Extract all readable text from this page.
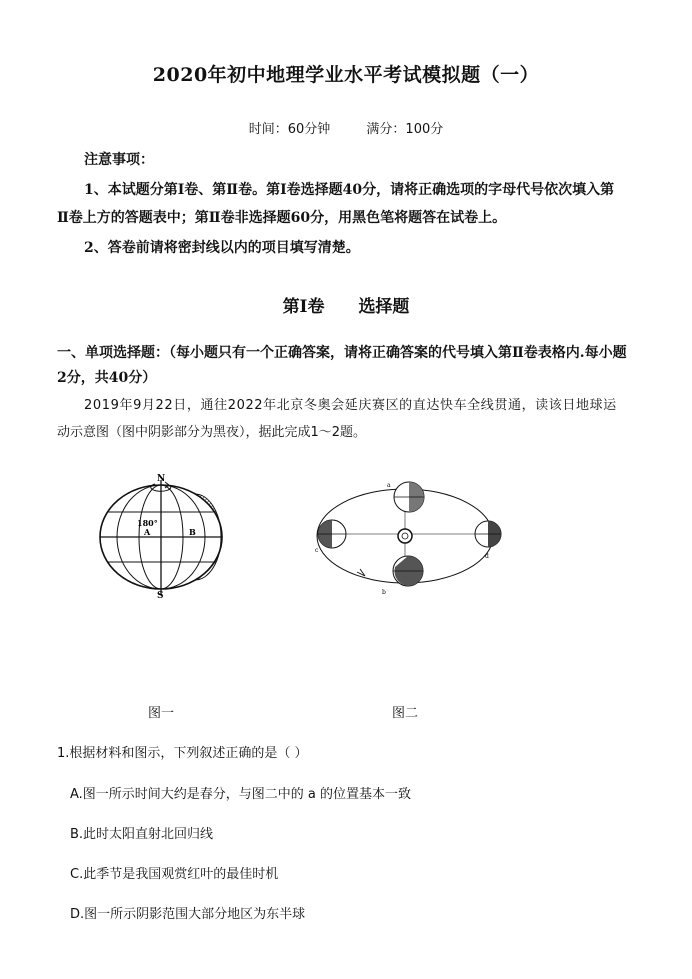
2020年初中地理学业水平考试模拟题（一）
时间：60分钟	满分：100分
注意事项：
1、本试题分第Ⅰ卷、第Ⅱ卷。第Ⅰ卷选择题40分，请将正确选项的字母代号依次填入第
Ⅱ卷上方的答题表中；第Ⅱ卷非选择题60分，用黑色笔将题答在试卷上。
2、答卷前请将密封线以内的项目填写清楚。
第Ⅰ卷 选择题
一、单项选择题：（每小题只有一个正确答案，请将正确答案的代号填入第Ⅱ卷表格内.每小题
2分，共40分）
2019年9月22日，通往2022年北京冬奥会延庆赛区的直达快车全线贯通，读该日地球运
动示意图（图中阴影部分为黑夜），据此完成1～2题。
N
S
180°
A	B
a
b
c
d
图一	图二
1.根据材料和图示，下列叙述正确的是（ ）
A.图一所示时间大约是春分，与图二中的 a 的位置基本一致
B.此时太阳直射北回归线
C.此季节是我国观赏红叶的最佳时机
D.图一所示阴影范围大部分地区为东半球
